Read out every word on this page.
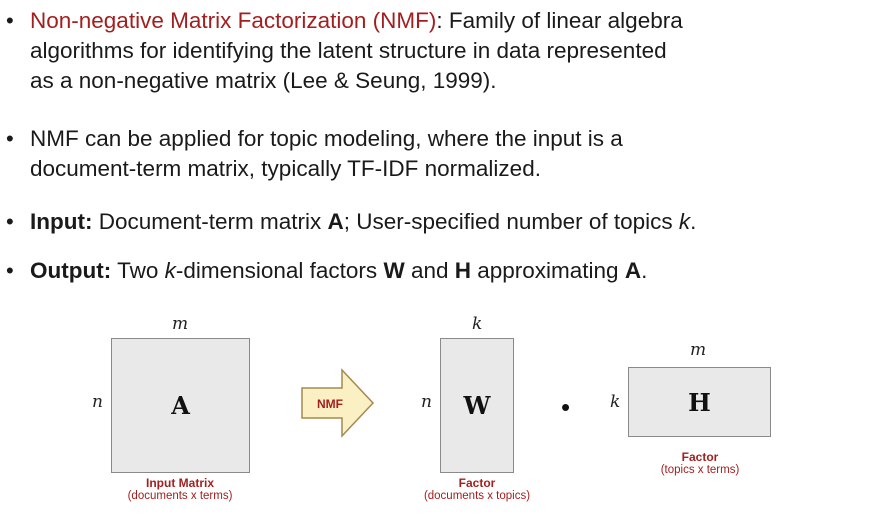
• Non-negative Matrix Factorization (NMF): Family of linear algebra
algorithms for identifying the latent structure in data represented
as a non-negative matrix (Lee & Seung, 1999).
• NMF can be applied for topic modeling, where the input is a
document-term matrix, typically TF-IDF normalized.
• Input: Document-term matrix A; User-specified number of topics k.
• Output: Two k-dimensional factors W and H approximating A.
m
n	A
Input Matrix
(documents x terms)
NMF
k
n	W
Factor
(documents x topics)
•
m
k	H
Factor
(topics x terms)
